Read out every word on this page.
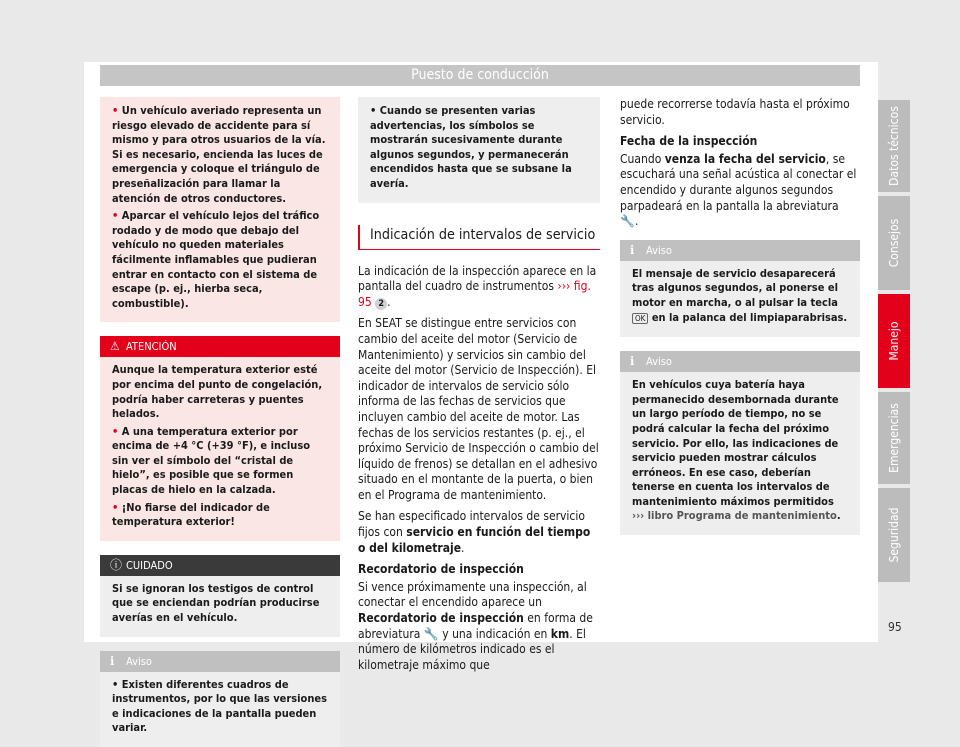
Puesto de conducción

• Un vehículo averiado representa un riesgo elevado de accidente para sí mismo y para otros usuarios de la vía. Si es necesario, encienda las luces de emergencia y coloque el triángulo de preseñalización para llamar la atención de otros conductores.

• Aparcar el vehículo lejos del tráfico rodado y de modo que debajo del vehículo no queden materiales fácilmente inflamables que pudieran entrar en contacto con el sistema de escape (p. ej., hierba seca, combustible).

⚠ ATENCIÓN

Aunque la temperatura exterior esté por encima del punto de congelación, podría haber carreteras y puentes helados.

• A una temperatura exterior por encima de +4 °C (+39 °F), e incluso sin ver el símbolo del “cristal de hielo”, es posible que se formen placas de hielo en la calzada.

• ¡No fiarse del indicador de temperatura exterior!

ⓘ CUIDADO

Si se ignoran los testigos de control que se enciendan podrían producirse averías en el vehículo.

ℹ Aviso

• Existen diferentes cuadros de instrumentos, por lo que las versiones e indicaciones de la pantalla pueden variar.

• Cuando se presenten varias advertencias, los símbolos se mostrarán sucesivamente durante algunos segundos, y permanecerán encendidos hasta que se subsane la avería.

Indicación de intervalos de servicio

La indicación de la inspección aparece en la pantalla del cuadro de instrumentos ››› fig. 95 2 .

En SEAT se distingue entre servicios con cambio del aceite del motor (Servicio de Mantenimiento) y servicios sin cambio del aceite del motor (Servicio de Inspección). El indicador de intervalos de servicio sólo informa de las fechas de servicios que incluyen cambio del aceite de motor. Las fechas de los servicios restantes (p. ej., el próximo Servicio de Inspección o cambio del líquido de frenos) se detallan en el adhesivo situado en el montante de la puerta, o bien en el Programa de mantenimiento.

Se han especificado intervalos de servicio fijos con servicio en función del tiempo o del kilometraje.

Recordatorio de inspección

Si vence próximamente una inspección, al conectar el encendido aparece un Recordatorio de inspección en forma de abreviatura 🔧 y una indicación en km. El número de kilómetros indicado es el kilometraje máximo que

puede recorrerse todavía hasta el próximo servicio.

Fecha de la inspección

Cuando venza la fecha del servicio, se escuchará una señal acústica al conectar el encendido y durante algunos segundos parpadeará en la pantalla la abreviatura 🔧.

ℹ Aviso

El mensaje de servicio desaparecerá tras algunos segundos, al ponerse el motor en marcha, o al pulsar la tecla OK en la palanca del limpiaparabrisas.

ℹ Aviso

En vehículos cuya batería haya permanecido desembornada durante un largo período de tiempo, no se podrá calcular la fecha del próximo servicio. Por ello, las indicaciones de servicio pueden mostrar cálculos erróneos. En ese caso, deberían tenerse en cuenta los intervalos de mantenimiento máximos permitidos ››› libro Programa de mantenimiento.

Datos técnicos
Consejos
Manejo
Emergencias
Seguridad
95
